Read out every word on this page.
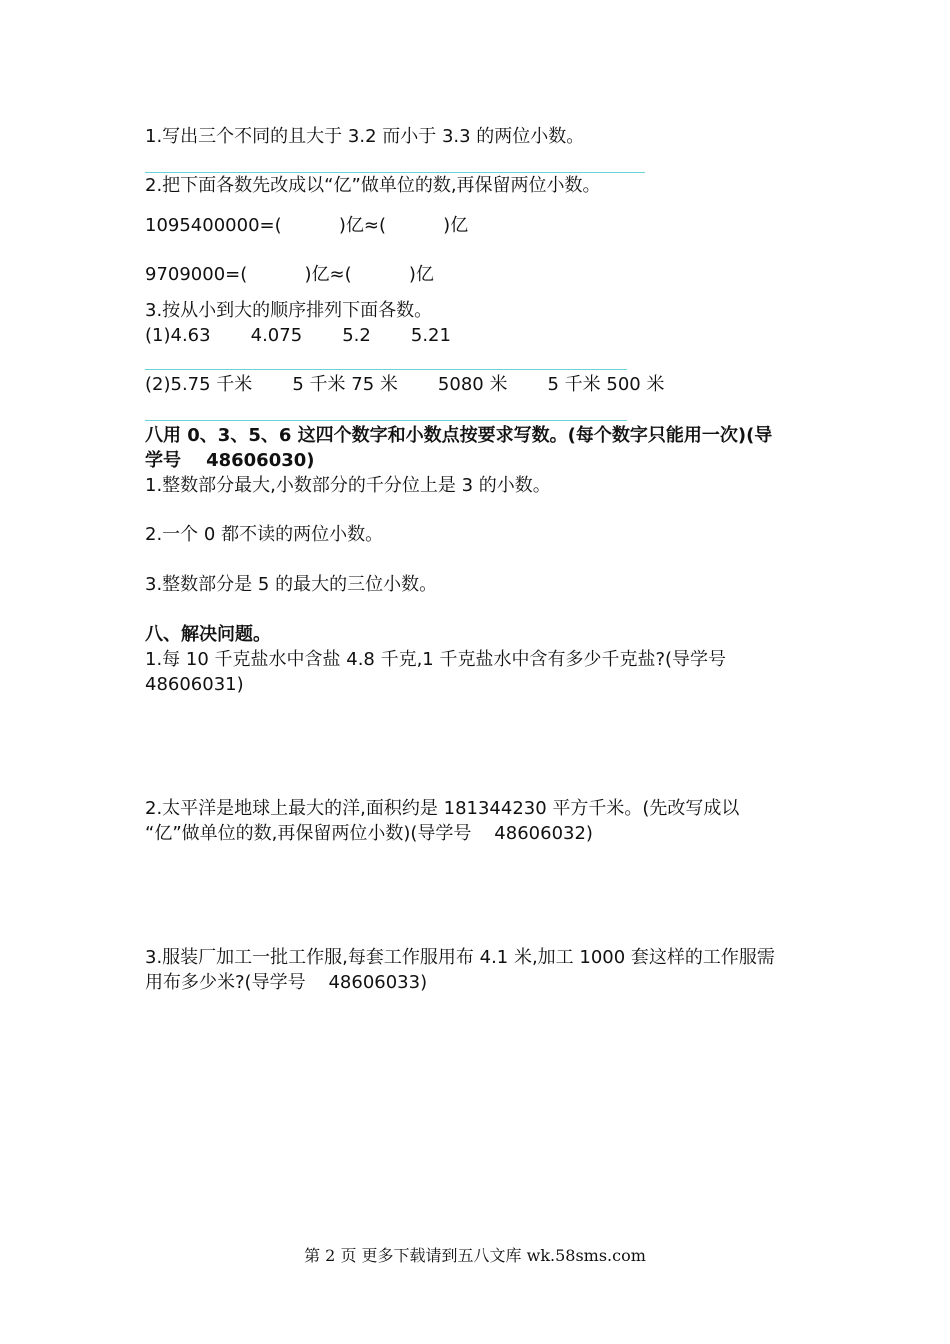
1.写出三个不同的且大于 3.2 而小于 3.3 的两位小数。
2.把下面各数先改成以“亿”做单位的数,再保留两位小数。
1095400000=(          )亿≈(          )亿
9709000=(          )亿≈(          )亿
3.按从小到大的顺序排列下面各数。
(1)4.63       4.075       5.2       5.21
(2)5.75 千米       5 千米 75 米       5080 米       5 千米 500 米
八用 0、3、5、6 这四个数字和小数点按要求写数。(每个数字只能用一次)(导
学号    48606030)
1.整数部分最大,小数部分的千分位上是 3 的小数。
2.一个 0 都不读的两位小数。
3.整数部分是 5 的最大的三位小数。
八、解决问题。
1.每 10 千克盐水中含盐 4.8 千克,1 千克盐水中含有多少千克盐?(导学号
48606031)
2.太平洋是地球上最大的洋,面积约是 181344230 平方千米。(先改写成以
“亿”做单位的数,再保留两位小数)(导学号    48606032)
3.服装厂加工一批工作服,每套工作服用布 4.1 米,加工 1000 套这样的工作服需
用布多少米?(导学号    48606033)
第 2 页 更多下载请到五八文库 wk.58sms.com
